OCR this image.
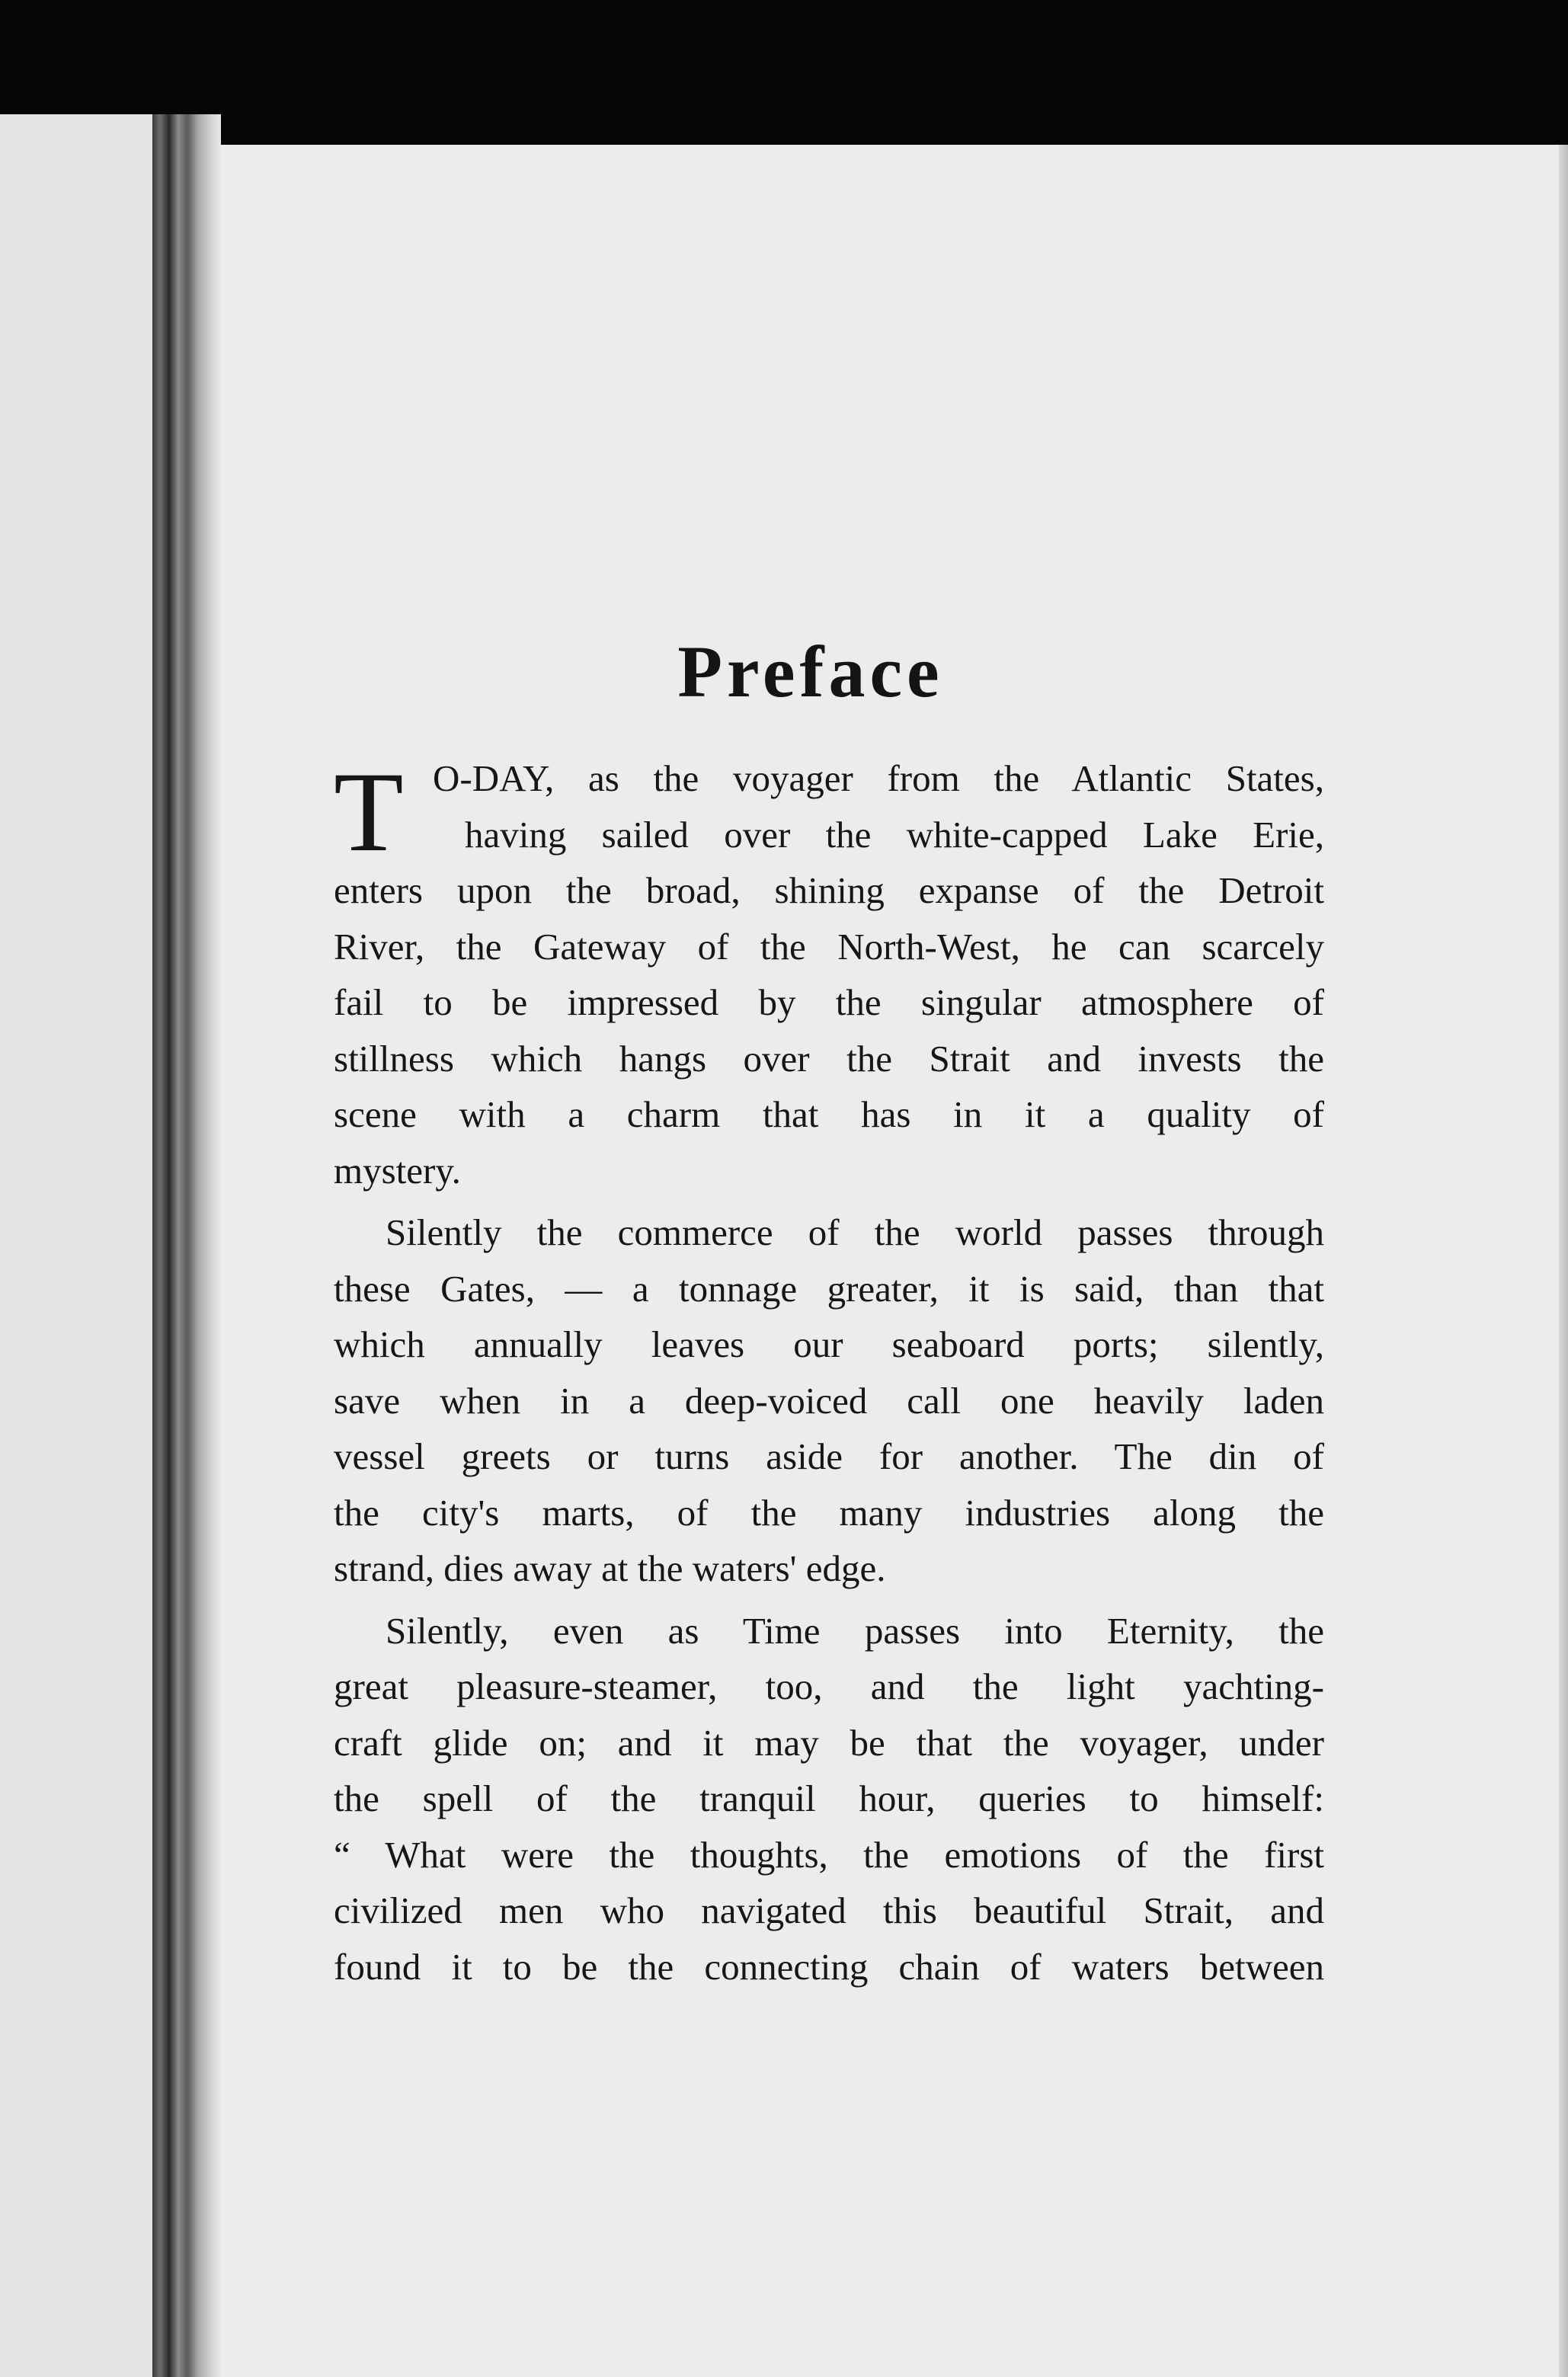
Preface
T O-DAY, as the voyager from the Atlantic States,
having sailed over the white-capped Lake Erie,
enters upon the broad, shining expanse of the Detroit
River, the Gateway of the North-West, he can scarcely
fail to be impressed by the singular atmosphere of
stillness which hangs over the Strait and invests the
scene with a charm that has in it a quality of
mystery.
Silently the commerce of the world passes through
these Gates, — a tonnage greater, it is said, than that
which annually leaves our seaboard ports; silently,
save when in a deep-voiced call one heavily laden
vessel greets or turns aside for another. The din of
the city's marts, of the many industries along the
strand, dies away at the waters' edge.
Silently, even as Time passes into Eternity, the
great pleasure-steamer, too, and the light yachting-
craft glide on; and it may be that the voyager, under
the spell of the tranquil hour, queries to himself:
“ What were the thoughts, the emotions of the first
civilized men who navigated this beautiful Strait, and
found it to be the connecting chain of waters between
